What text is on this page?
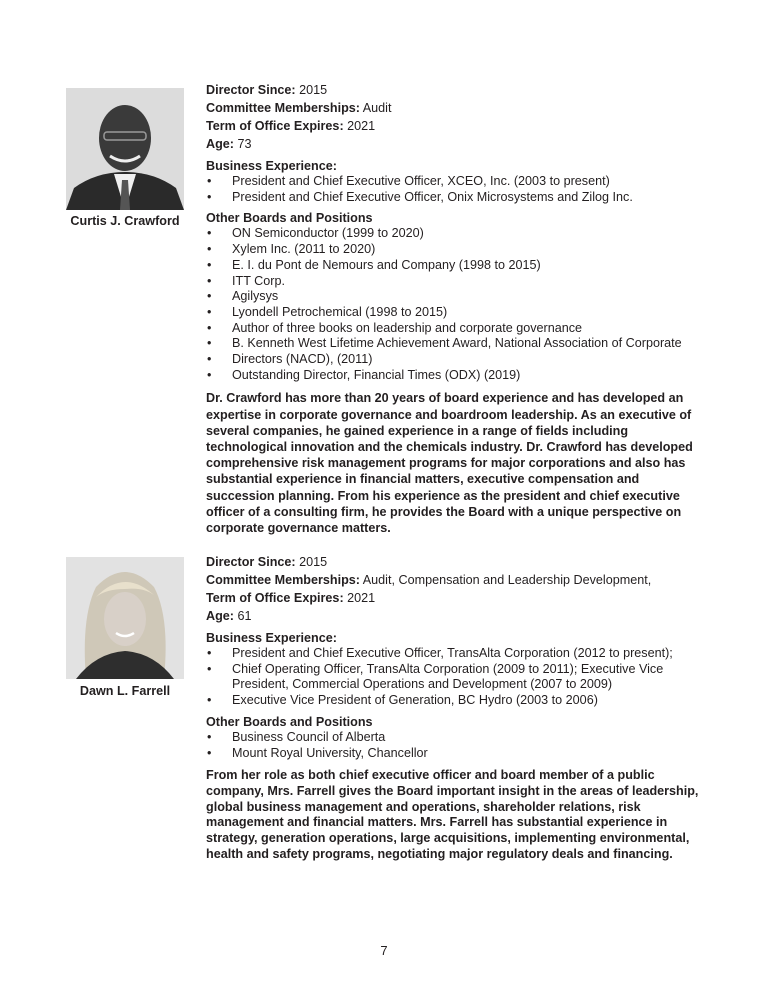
Curtis J. Crawford
Director Since: 2015
Committee Memberships: Audit
Term of Office Expires: 2021
Age: 73
Business Experience:
• President and Chief Executive Officer, XCEO, Inc. (2003 to present)
• President and Chief Executive Officer, Onix Microsystems and Zilog Inc.
Other Boards and Positions
• ON Semiconductor (1999 to 2020)
• Xylem Inc. (2011 to 2020)
• E. I. du Pont de Nemours and Company (1998 to 2015)
• ITT Corp.
• Agilysys
• Lyondell Petrochemical (1998 to 2015)
• Author of three books on leadership and corporate governance
• B. Kenneth West Lifetime Achievement Award, National Association of Corporate
• Directors (NACD), (2011)
• Outstanding Director, Financial Times (ODX) (2019)
Dr. Crawford has more than 20 years of board experience and has developed an expertise in corporate governance and boardroom leadership. As an executive of several companies, he gained experience in a range of fields including technological innovation and the chemicals industry. Dr. Crawford has developed comprehensive risk management programs for major corporations and also has substantial experience in financial matters, executive compensation and succession planning. From his experience as the president and chief executive officer of a consulting firm, he provides the Board with a unique perspective on corporate governance matters.
Dawn L. Farrell
Director Since: 2015
Committee Memberships: Audit, Compensation and Leadership Development,
Term of Office Expires: 2021
Age: 61
Business Experience:
• President and Chief Executive Officer, TransAlta Corporation (2012 to present);
• Chief Operating Officer, TransAlta Corporation (2009 to 2011); Executive Vice President, Commercial Operations and Development (2007 to 2009)
• Executive Vice President of Generation, BC Hydro (2003 to 2006)
Other Boards and Positions
• Business Council of Alberta
• Mount Royal University, Chancellor
From her role as both chief executive officer and board member of a public company, Mrs. Farrell gives the Board important insight in the areas of leadership, global business management and operations, shareholder relations, risk management and financial matters. Mrs. Farrell has substantial experience in strategy, generation operations, large acquisitions, implementing environmental, health and safety programs, negotiating major regulatory deals and financing.
7
